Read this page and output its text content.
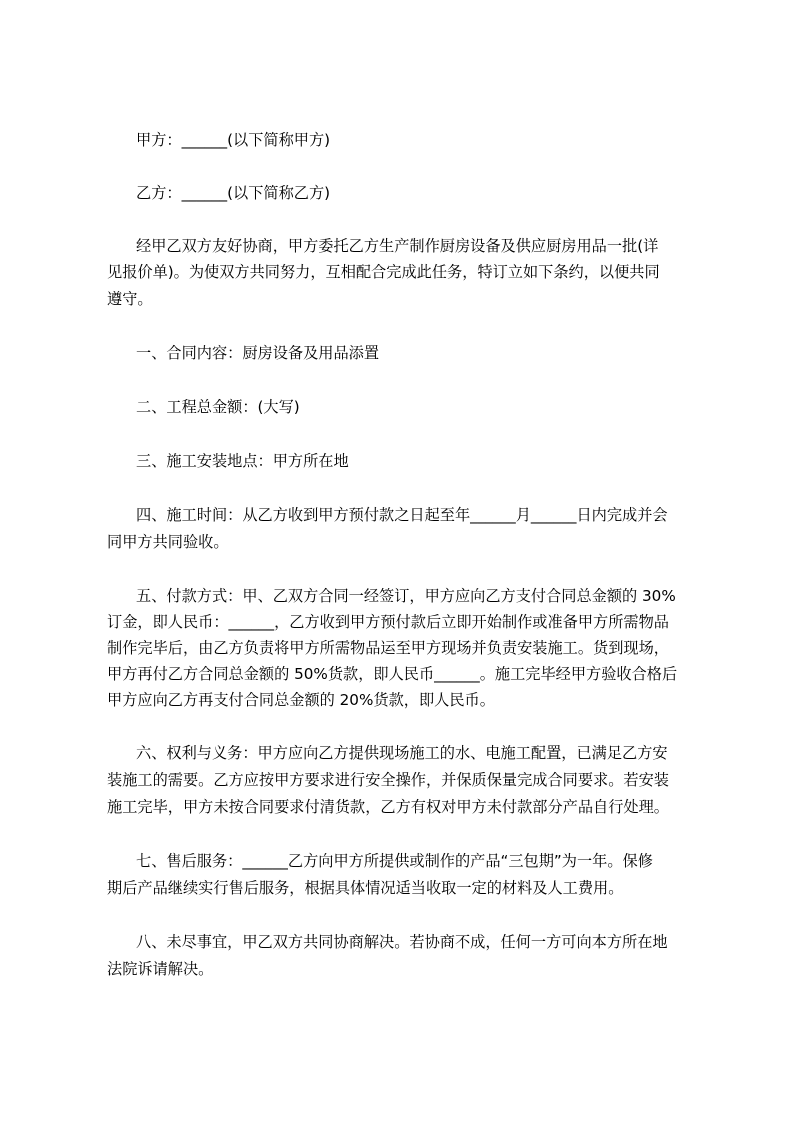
甲方：______(以下简称甲方)

乙方：______(以下简称乙方)

经甲乙双方友好协商，甲方委托乙方生产制作厨房设备及供应厨房用品一批(详

见报价单)。为使双方共同努力，互相配合完成此任务，特订立如下条约，以便共同

遵守。

一、合同内容：厨房设备及用品添置

二、工程总金额：(大写)

三、施工安装地点：甲方所在地

四、施工时间：从乙方收到甲方预付款之日起至年______月______日内完成并会

同甲方共同验收。

五、付款方式：甲、乙双方合同一经签订，甲方应向乙方支付合同总金额的 30%

订金，即人民币：______，乙方收到甲方预付款后立即开始制作或准备甲方所需物品

制作完毕后，由乙方负责将甲方所需物品运至甲方现场并负责安装施工。货到现场，

甲方再付乙方合同总金额的 50%货款，即人民币______。施工完毕经甲方验收合格后

甲方应向乙方再支付合同总金额的 20%货款，即人民币。

六、权利与义务：甲方应向乙方提供现场施工的水、电施工配置，已满足乙方安

装施工的需要。乙方应按甲方要求进行安全操作，并保质保量完成合同要求。若安装

施工完毕，甲方未按合同要求付清货款，乙方有权对甲方未付款部分产品自行处理。

七、售后服务：______乙方向甲方所提供或制作的产品“三包期”为一年。保修

期后产品继续实行售后服务，根据具体情况适当收取一定的材料及人工费用。

八、未尽事宜，甲乙双方共同协商解决。若协商不成，任何一方可向本方所在地

法院诉请解决。
